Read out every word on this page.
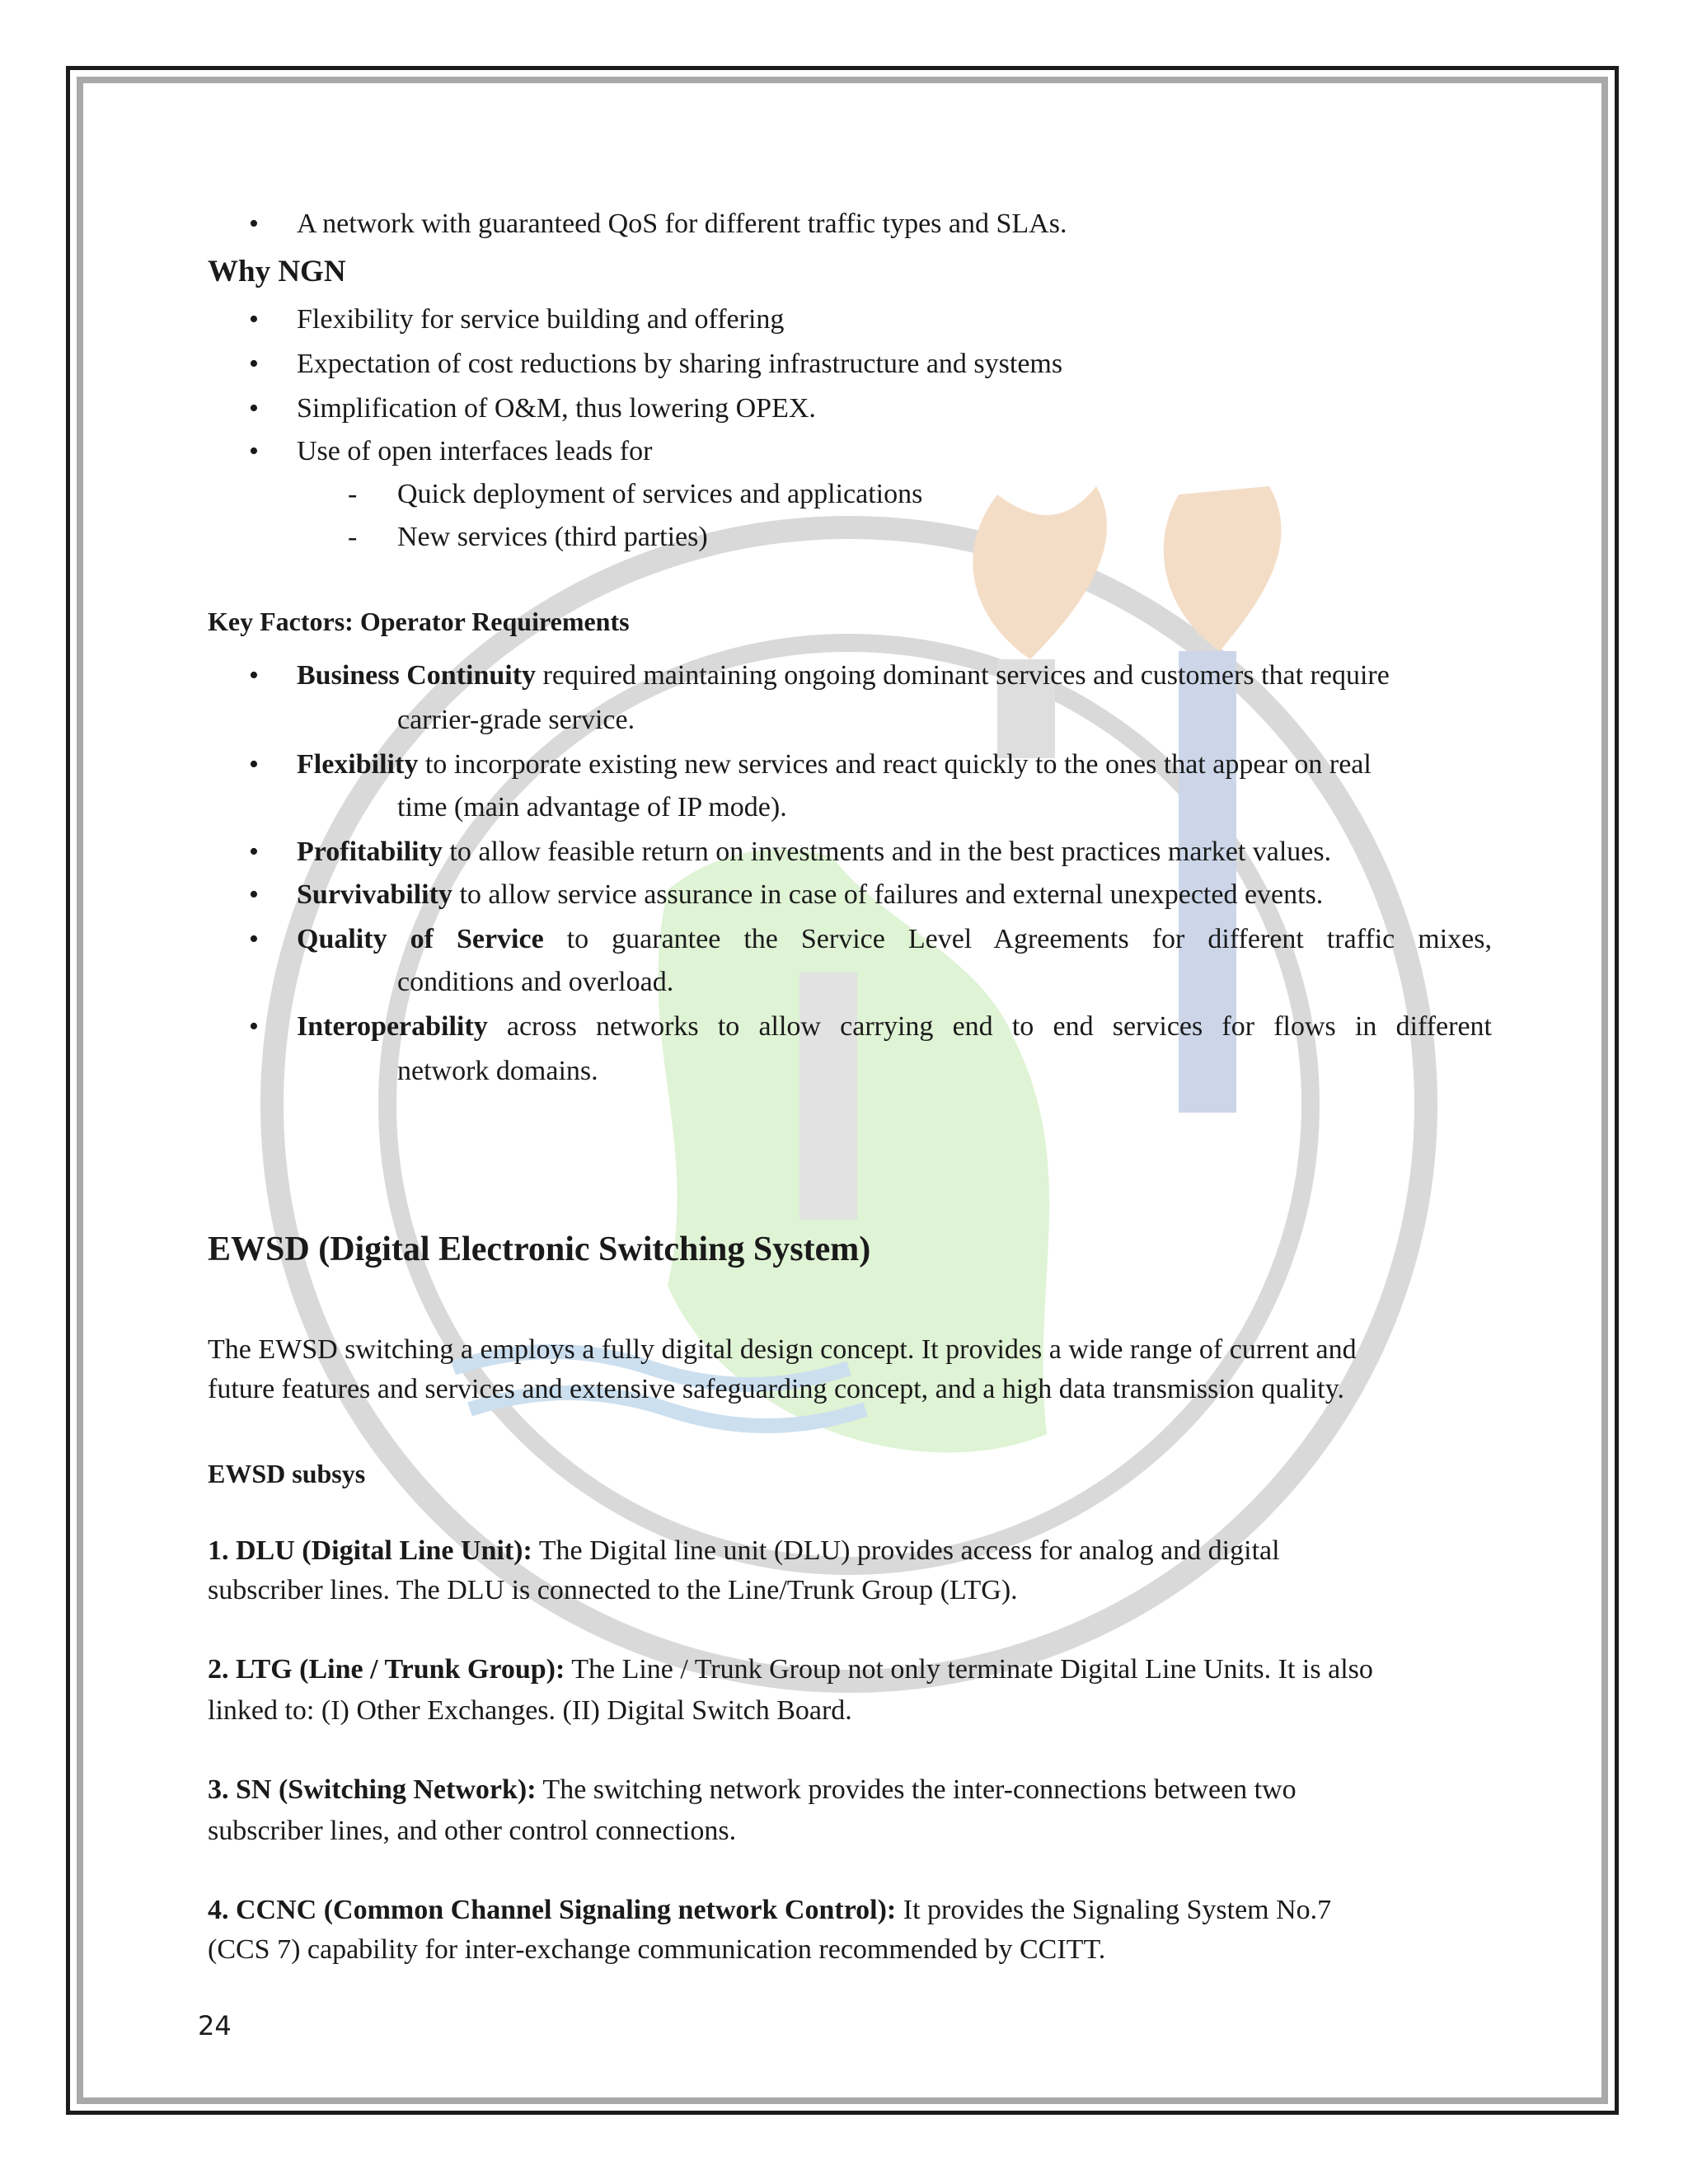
• A network with guaranteed QoS for different traffic types and SLAs.
Why NGN
• Flexibility for service building and offering
• Expectation of cost reductions by sharing infrastructure and systems
• Simplification of O&M, thus lowering OPEX.
• Use of open interfaces leads for
- Quick deployment of services and applications
- New services (third parties)
Key Factors: Operator Requirements
• Business Continuity required maintaining ongoing dominant services and customers that require
carrier-grade service.
• Flexibility to incorporate existing new services and react quickly to the ones that appear on real
time (main advantage of IP mode).
• Profitability to allow feasible return on investments and in the best practices market values.
• Survivability to allow service assurance in case of failures and external unexpected events.
• Quality of Service to guarantee the Service Level Agreements for different traffic mixes,
conditions and overload.
• Interoperability across networks to allow carrying end to end services for flows in different
network domains.
EWSD (Digital Electronic Switching System)
The EWSD switching a employs a fully digital design concept. It provides a wide range of current and
future features and services and extensive safeguarding concept, and a high data transmission quality.
EWSD subsys
1. DLU (Digital Line Unit): The Digital line unit (DLU) provides access for analog and digital
subscriber lines. The DLU is connected to the Line/Trunk Group (LTG).
2. LTG (Line / Trunk Group): The Line / Trunk Group not only terminate Digital Line Units. It is also
linked to: (I) Other Exchanges. (II) Digital Switch Board.
3. SN (Switching Network): The switching network provides the inter-connections between two
subscriber lines, and other control connections.
4. CCNC (Common Channel Signaling network Control): It provides the Signaling System No.7
(CCS 7) capability for inter-exchange communication recommended by CCITT.
24
